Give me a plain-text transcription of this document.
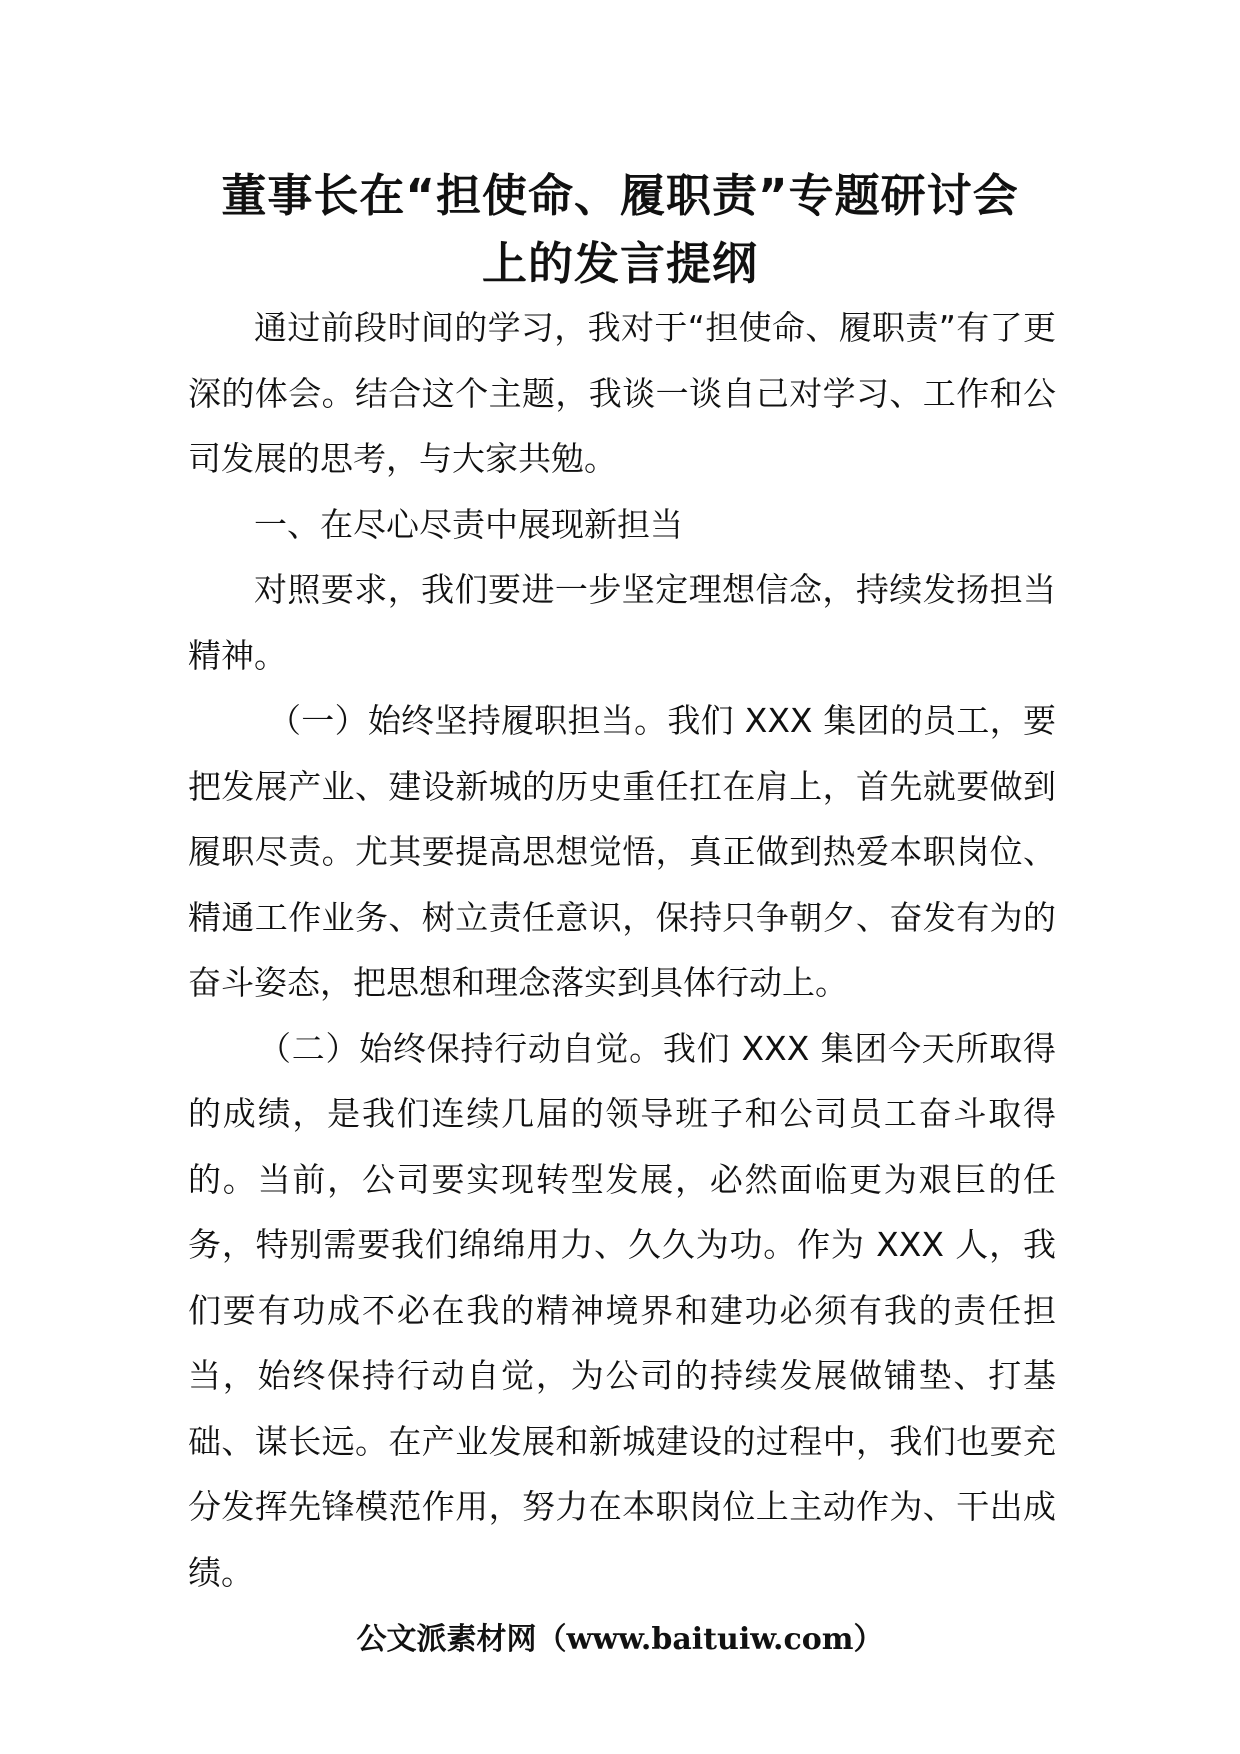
董事长在“担使命、履职责”专题研讨会
上的发言提纲

通过前段时间的学习，我对于“担使命、履职责”有了更深的体会。结合这个主题，我谈一谈自己对学习、工作和公司发展的思考，与大家共勉。

一、在尽心尽责中展现新担当

对照要求，我们要进一步坚定理想信念，持续发扬担当精神。

（一）始终坚持履职担当。我们 XXX 集团的员工，要把发展产业、建设新城的历史重任扛在肩上，首先就要做到履职尽责。尤其要提高思想觉悟，真正做到热爱本职岗位、精通工作业务、树立责任意识，保持只争朝夕、奋发有为的奋斗姿态，把思想和理念落实到具体行动上。

（二）始终保持行动自觉。我们 XXX 集团今天所取得的成绩，是我们连续几届的领导班子和公司员工奋斗取得的。当前，公司要实现转型发展，必然面临更为艰巨的任务，特别需要我们绵绵用力、久久为功。作为 XXX 人，我们要有功成不必在我的精神境界和建功必须有我的责任担当，始终保持行动自觉，为公司的持续发展做铺垫、打基础、谋长远。在产业发展和新城建设的过程中，我们也要充分发挥先锋模范作用，努力在本职岗位上主动作为、干出成绩。

公文派素材网（www.baituiw.com）
